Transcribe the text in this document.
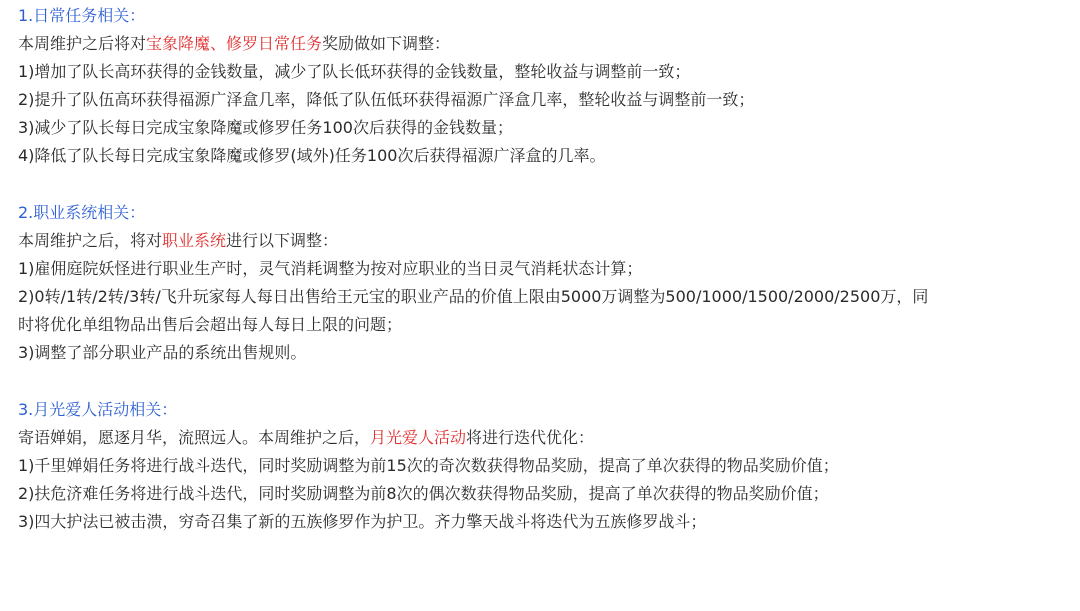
1.日常任务相关：
本周维护之后将对宝象降魔、修罗日常任务奖励做如下调整：
1)增加了队长高环获得的金钱数量，减少了队长低环获得的金钱数量，整轮收益与调整前一致；
2)提升了队伍高环获得福源广泽盒几率，降低了队伍低环获得福源广泽盒几率，整轮收益与调整前一致；
3)减少了队长每日完成宝象降魔或修罗任务100次后获得的金钱数量；
4)降低了队长每日完成宝象降魔或修罗(域外)任务100次后获得福源广泽盒的几率。
2.职业系统相关：
本周维护之后，将对职业系统进行以下调整：
1)雇佣庭院妖怪进行职业生产时，灵气消耗调整为按对应职业的当日灵气消耗状态计算；
2)0转/1转/2转/3转/飞升玩家每人每日出售给王元宝的职业产品的价值上限由5000万调整为500/1000/1500/2000/2500万，同
时将优化单组物品出售后会超出每人每日上限的问题；
3)调整了部分职业产品的系统出售规则。
3.月光爱人活动相关：
寄语婵娟，愿逐月华，流照远人。本周维护之后，月光爱人活动将进行迭代优化：
1)千里婵娟任务将进行战斗迭代，同时奖励调整为前15次的奇次数获得物品奖励，提高了单次获得的物品奖励价值；
2)扶危济难任务将进行战斗迭代，同时奖励调整为前8次的偶次数获得物品奖励，提高了单次获得的物品奖励价值；
3)四大护法已被击溃，穷奇召集了新的五族修罗作为护卫。齐力擎天战斗将迭代为五族修罗战斗；
